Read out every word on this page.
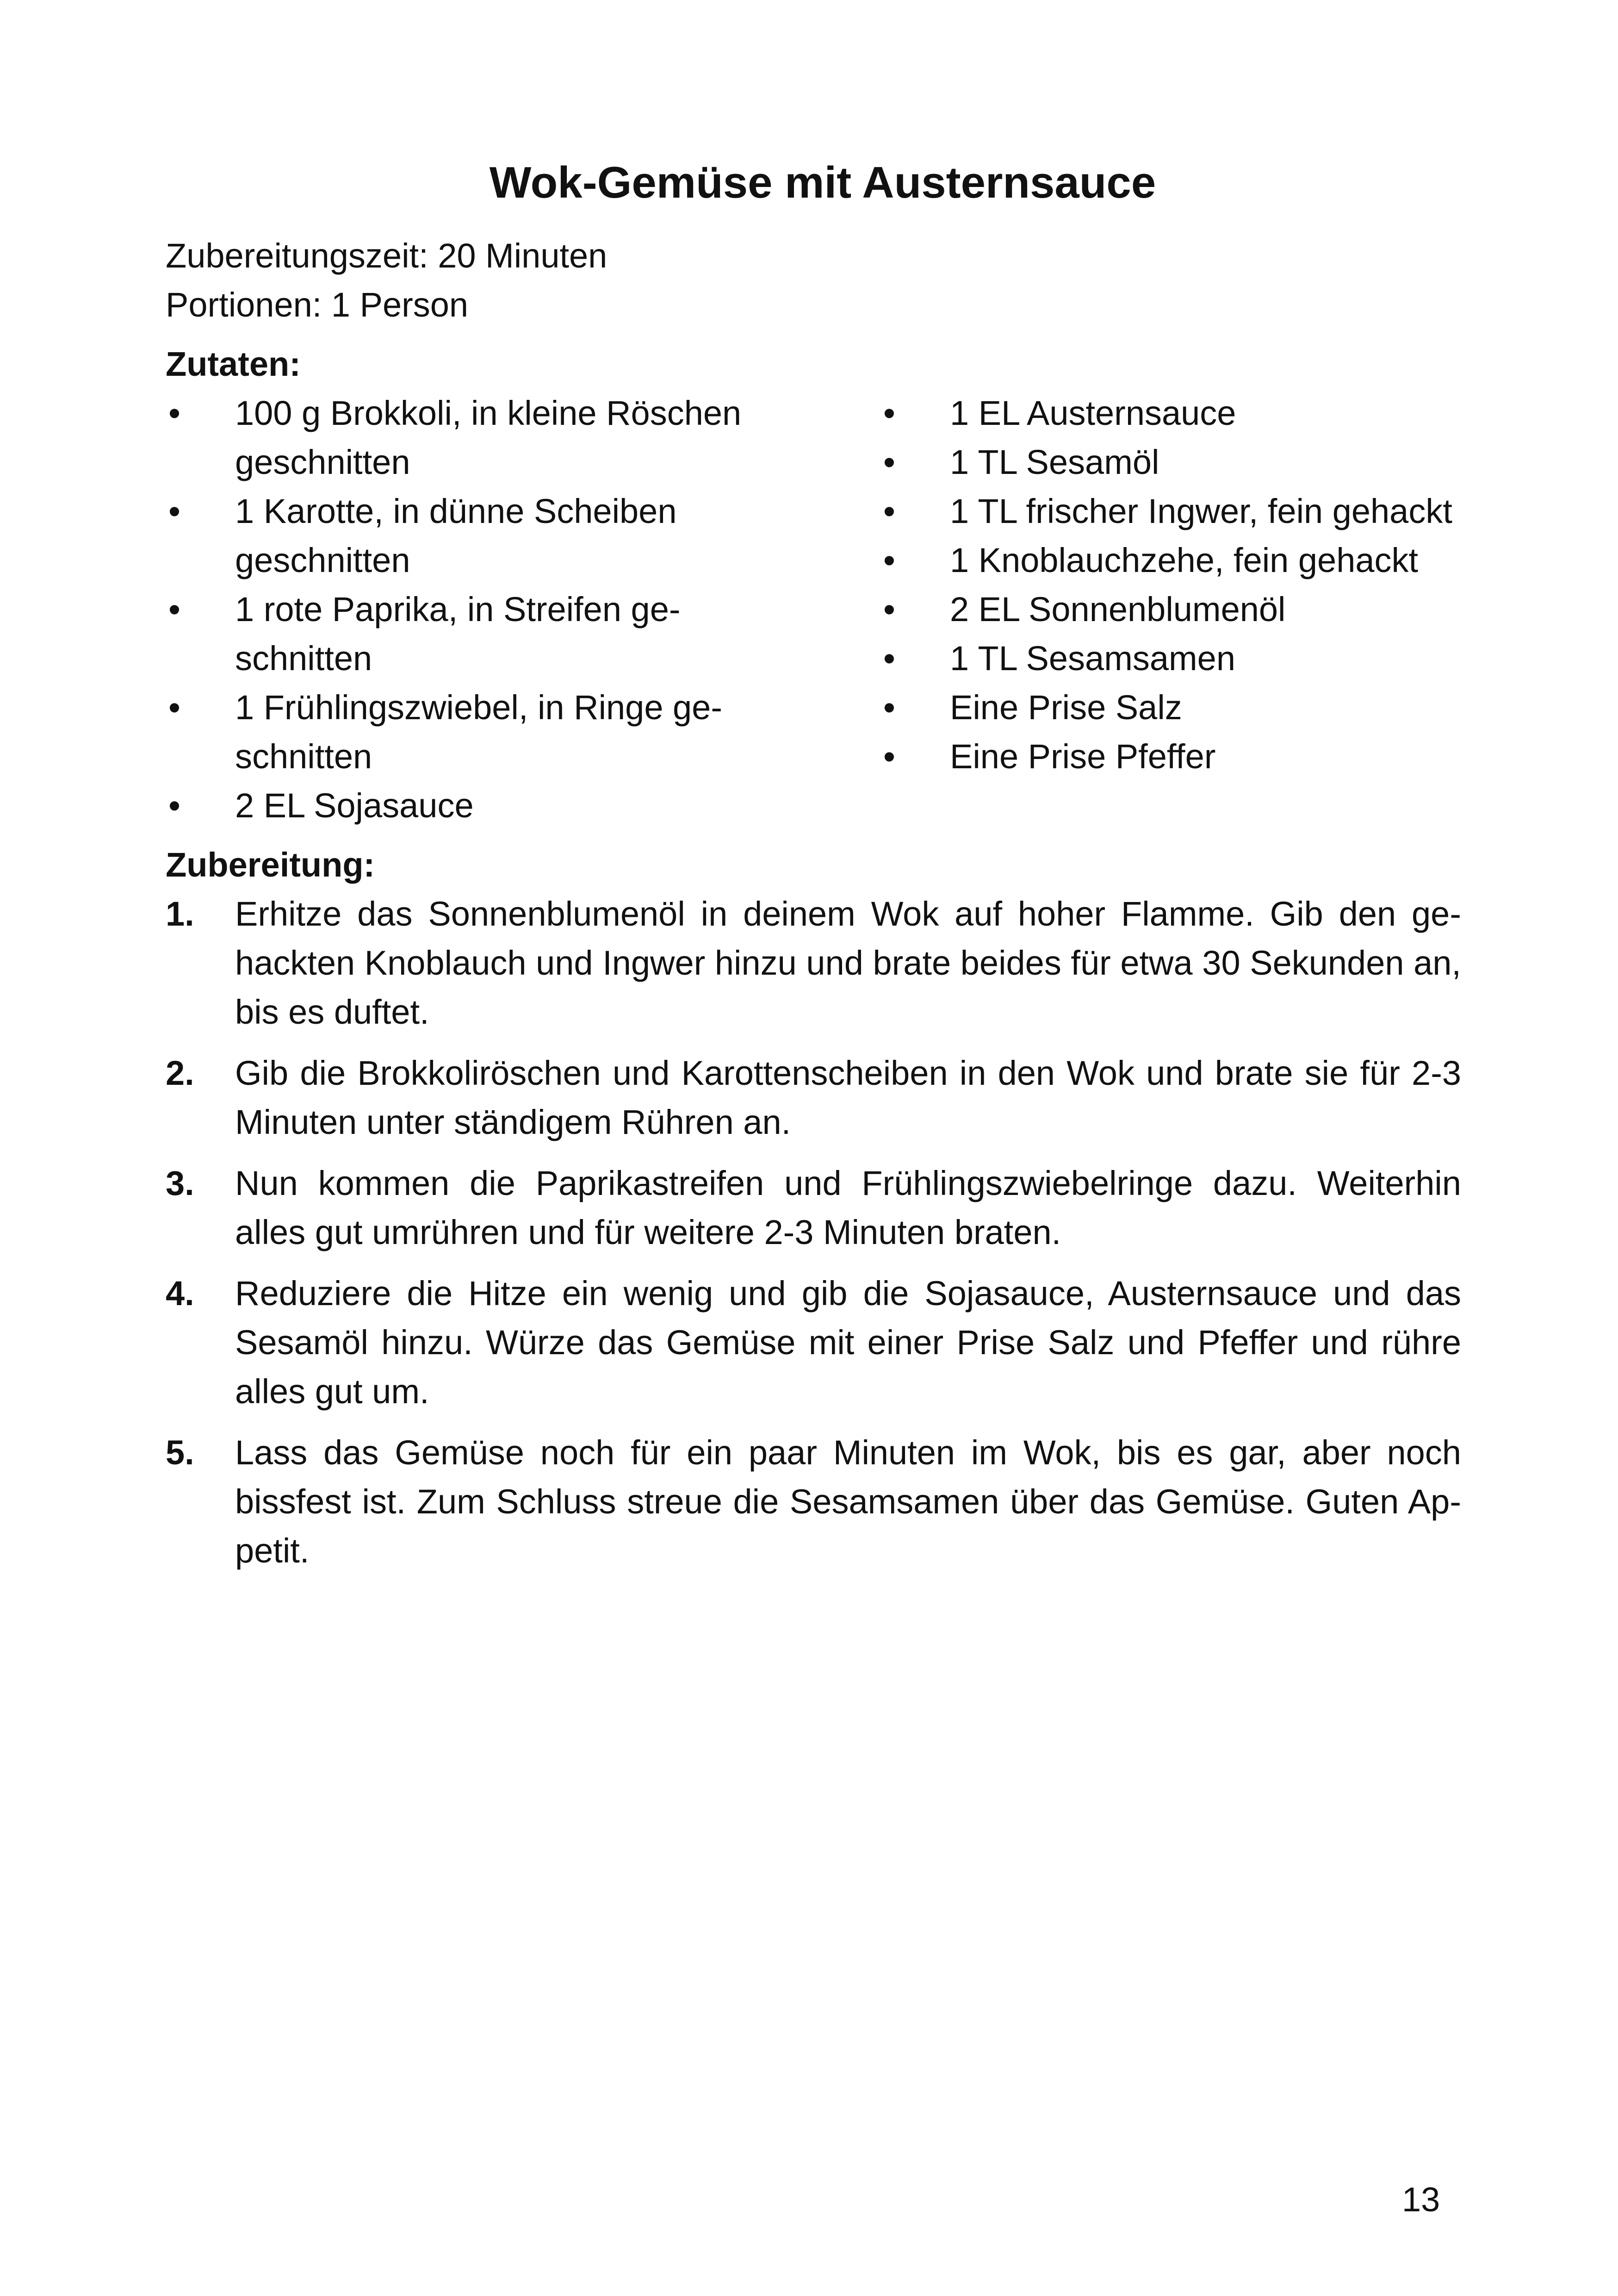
Wok-Gemüse mit Austernsauce

Zubereitungszeit: 20 Minuten

Portionen: 1 Person

Zutaten:
• 100 g Brokkoli, in kleine Röschen geschnitten
• 1 Karotte, in dünne Scheiben geschnitten
• 1 rote Paprika, in Streifen geschnitten
• 1 Frühlingszwiebel, in Ringe geschnitten
• 2 EL Sojasauce
• 1 EL Austernsauce
• 1 TL Sesamöl
• 1 TL frischer Ingwer, fein gehackt
• 1 Knoblauchzehe, fein gehackt
• 2 EL Sonnenblumenöl
• 1 TL Sesamsamen
• Eine Prise Salz
• Eine Prise Pfeffer
Zubereitung:
1. Erhitze das Sonnenblumenöl in deinem Wok auf hoher Flamme. Gib den gehackten Knoblauch und Ingwer hinzu und brate beides für etwa 30 Sekunden an, bis es duftet.
2. Gib die Brokkoliröschen und Karottenscheiben in den Wok und brate sie für 2-3 Minuten unter ständigem Rühren an.
3. Nun kommen die Paprikastreifen und Frühlingszwiebelringe dazu. Weiterhin alles gut umrühren und für weitere 2-3 Minuten braten.
4. Reduziere die Hitze ein wenig und gib die Sojasauce, Austernsauce und das Sesamöl hinzu. Würze das Gemüse mit einer Prise Salz und Pfeffer und rühre alles gut um.
5. Lass das Gemüse noch für ein paar Minuten im Wok, bis es gar, aber noch bissfest ist. Zum Schluss streue die Sesamsamen über das Gemüse. Guten Appetit.
13
